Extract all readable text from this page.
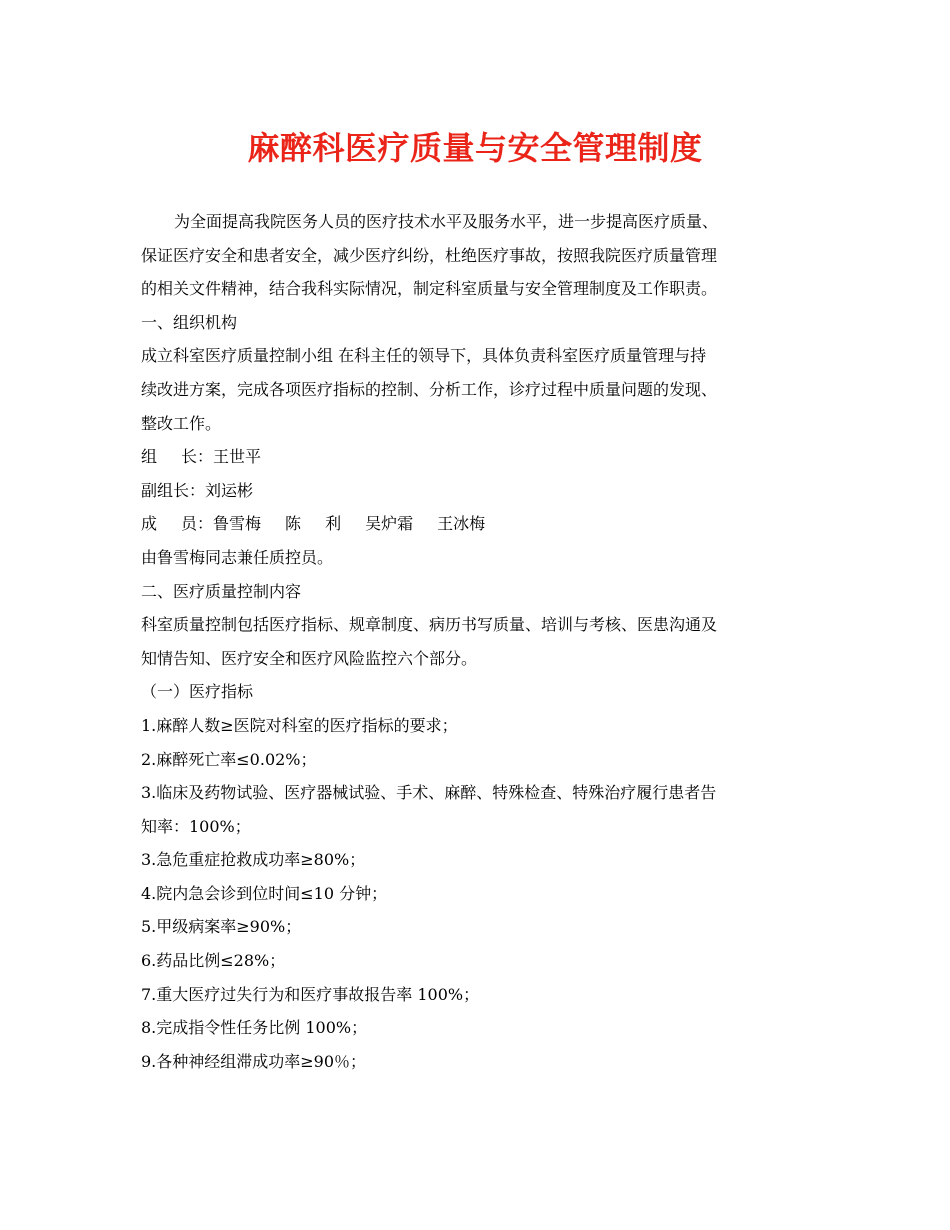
麻醉科医疗质量与安全管理制度
为全面提高我院医务人员的医疗技术水平及服务水平，进一步提高医疗质量、
保证医疗安全和患者安全，减少医疗纠纷，杜绝医疗事故，按照我院医疗质量管理
的相关文件精神，结合我科实际情况，制定科室质量与安全管理制度及工作职责。
一、组织机构
成立科室医疗质量控制小组 在科主任的领导下，具体负责科室医疗质量管理与持
续改进方案，完成各项医疗指标的控制、分析工作，诊疗过程中质量问题的发现、
整改工作。
组 长：王世平
副组长：刘运彬
成 员：鲁雪梅 陈 利 吴炉霜 王冰梅
由鲁雪梅同志兼任质控员。
二、医疗质量控制内容
科室质量控制包括医疗指标、规章制度、病历书写质量、培训与考核、医患沟通及
知情告知、医疗安全和医疗风险监控六个部分。
（一）医疗指标
1.麻醉人数≥医院对科室的医疗指标的要求；
2.麻醉死亡率≤0.02%；
3.临床及药物试验、医疗器械试验、手术、麻醉、特殊检查、特殊治疗履行患者告
知率：100%；
3.急危重症抢救成功率≥80%；
4.院内急会诊到位时间≤10 分钟；
5.甲级病案率≥90%；
6.药品比例≤28%；
7.重大医疗过失行为和医疗事故报告率 100%；
8.完成指令性任务比例 100%；
9.各种神经组滞成功率≥90％；
